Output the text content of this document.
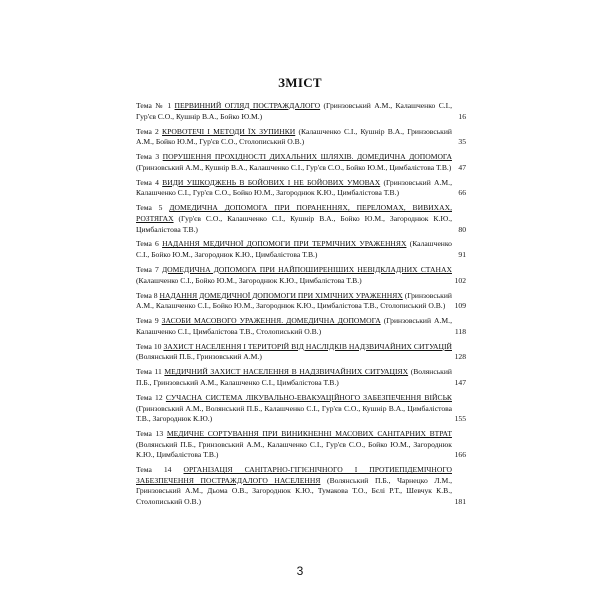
ЗМІСТ
Тема № 1 ПЕРВИННИЙ ОГЛЯД ПОСТРАЖДАЛОГО (Гринзовський А.М., Калашченко С.І., Гур'єв С.О., Кушнір В.А., Бойко Ю.М.)	16
Тема 2 КРОВОТЕЧІ І МЕТОДИ ЇХ ЗУПИНКИ (Калашченко С.І., Кушнір В.А., Гринзовський А.М., Бойко Ю.М., Гур'єв С.О., Столописький О.В.)	35
Тема 3 ПОРУШЕННЯ ПРОХІДНОСТІ ДИХАЛЬНИХ ШЛЯХІВ. ДОМЕДИЧНА ДОПОМОГА (Гринзовський А.М., Кушнір В.А., Калашченко С.І., Гур'єв С.О., Бойко Ю.М., Цимбалістова Т.В.) 47
Тема 4 ВИДИ УШКОДЖЕНЬ В БОЙОВИХ І НЕ БОЙОВИХ УМОВАХ (Гринзовський А.М., Калашченко С.І., Гур'єв С.О., Бойко Ю.М., Загороднюк К.Ю., Цимбалістова Т.В.)	66
Тема 5 ДОМЕДИЧНА ДОПОМОГА ПРИ ПОРАНЕННЯХ, ПЕРЕЛОМАХ, ВИВИХАХ, РОЗТЯГАХ (Гур'єв С.О., Калашченко С.І., Кушнір В.А., Бойко Ю.М., Загороднюк К.Ю., Цимбалістова Т.В.)	80
Тема 6 НАДАННЯ МЕДИЧНОЇ ДОПОМОГИ ПРИ ТЕРМІЧНИХ УРАЖЕННЯХ (Калашченко С.І., Бойко Ю.М., Загороднюк К.Ю., Цимбалістова Т.В.)	91
Тема 7 ДОМЕДИЧНА ДОПОМОГА ПРИ НАЙПОШИРЕНІШИХ НЕВІДКЛАДНИХ СТАНАХ (Калашченко С.І., Бойко Ю.М., Загороднюк К.Ю., Цимбалістова Т.В.)	102
Тема 8 НАДАННЯ ДОМЕДИЧНОЇ ДОПОМОГИ ПРИ ХІМІЧНИХ УРАЖЕННЯХ (Гринзовський А.М., Калашченко С.І., Бойко Ю.М., Загороднюк К.Ю., Цимбалістова Т.В., Столописький О.В.) 109
Тема 9 ЗАСОБИ МАСОВОГО УРАЖЕННЯ. ДОМЕДИЧНА ДОПОМОГА (Гринзовський А.М., Калашченко С.І., Цимбалістова Т.В., Столописький О.В.)	118
Тема 10 ЗАХИСТ НАСЕЛЕННЯ І ТЕРИТОРІЙ ВІД НАСЛІДКІВ НАДЗВИЧАЙНИХ СИТУАЦІЙ (Волянський П.Б., Гринзовський А.М.)	128
Тема 11 МЕДИЧНИЙ ЗАХИСТ НАСЕЛЕННЯ В НАДЗВИЧАЙНИХ СИТУАЦІЯХ (Волянський П.Б., Гринзовський А.М., Калашченко С.І., Цимбалістова Т.В.)	147
Тема 12 СУЧАСНА СИСТЕМА ЛІКУВАЛЬНО-ЕВАКУАЦІЙНОГО ЗАБЕЗПЕЧЕННЯ ВІЙСЬК (Гринзовський А.М., Волянський П.Б., Калашченко С.І., Гур'єв С.О., Кушнір В.А., Цимбалістова Т.В., Загороднюк К.Ю.)	155
Тема 13 МЕДИЧНЕ СОРТУВАННЯ ПРИ ВИНИКНЕННІ МАСОВИХ САНІТАРНИХ ВТРАТ (Волянський П.Б., Гринзовський А.М., Калашченко С.І., Гур'єв С.О., Бойко Ю.М., Загороднюк К.Ю., Цимбалістова Т.В.)	166
Тема 14 ОРГАНІЗАЦІЯ САНІТАРНО-ГІГІЄНІЧНОГО І ПРОТИЕПІДЕМІЧНОГО ЗАБЕЗПЕЧЕННЯ ПОСТРАЖДАЛОГО НАСЕЛЕННЯ (Волянський П.Б., Чарнецко Л.М., Гринзовський А.М., Дьома О.В., Загороднюк К.Ю., Тумакова Т.О., Бєлі Р.Т., Шевчук К.В., Столописький О.В.)	181
3
